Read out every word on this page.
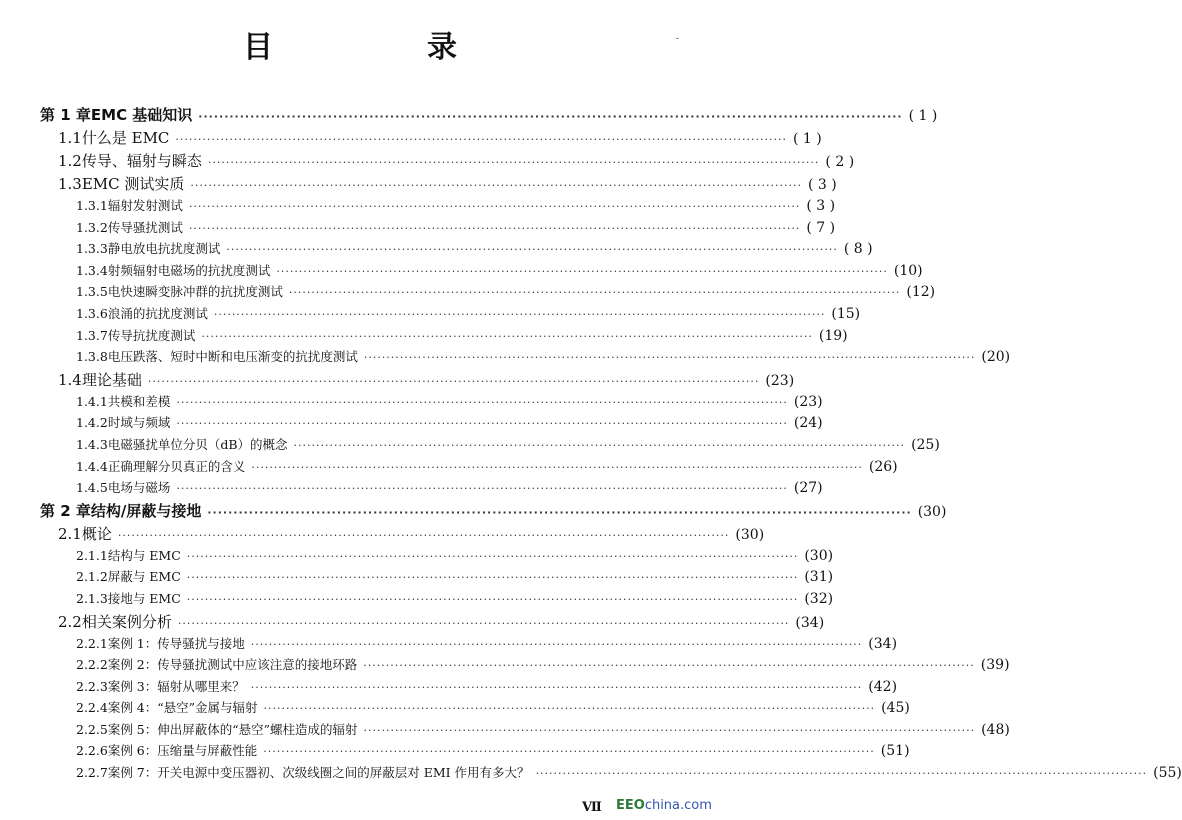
目　录
第 1 章 EMC 基础知识 ·····	( 1 )
1.1 什么是 EMC ·····	( 1 )
1.2 传导、辐射与瞬态 ·····	( 2 )
1.3 EMC 测试实质 ·····	( 3 )
1.3.1 辐射发射测试 ·····	( 3 )
1.3.2 传导骚扰测试 ·····	( 7 )
1.3.3 静电放电抗扰度测试 ·····	( 8 )
1.3.4 射频辐射电磁场的抗扰度测试 ·····	(10)
1.3.5 电快速瞬变脉冲群的抗扰度测试 ·····	(12)
1.3.6 浪涌的抗扰度测试 ·····	(15)
1.3.7 传导抗扰度测试 ·····	(19)
1.3.8 电压跌落、短时中断和电压渐变的抗扰度测试 ·····	(20)
1.4 理论基础 ·····	(23)
1.4.1 共模和差模 ·····	(23)
1.4.2 时域与频域 ·····	(24)
1.4.3 电磁骚扰单位分贝（dB）的概念 ·····	(25)
1.4.4 正确理解分贝真正的含义 ·····	(26)
1.4.5 电场与磁场 ·····	(27)
第 2 章 结构/屏蔽与接地 ·····	(30)
2.1 概论 ·····	(30)
2.1.1 结构与 EMC ·····	(30)
2.1.2 屏蔽与 EMC ·····	(31)
2.1.3 接地与 EMC ·····	(32)
2.2 相关案例分析 ·····	(34)
2.2.1 案例 1：传导骚扰与接地 ·····	(34)
2.2.2 案例 2：传导骚扰测试中应该注意的接地环路 ·····	(39)
2.2.3 案例 3：辐射从哪里来？ ·····	(42)
2.2.4 案例 4：“悬空”金属与辐射 ·····	(45)
2.2.5 案例 5：伸出屏蔽体的“悬空”螺柱造成的辐射 ·····	(48)
2.2.6 案例 6：压缩量与屏蔽性能 ·····	(51)
2.2.7 案例 7：开关电源中变压器初、次级线圈之间的屏蔽层对 EMI 作用有多大？ ·····	(55)
Ⅶ EEOchina.com
